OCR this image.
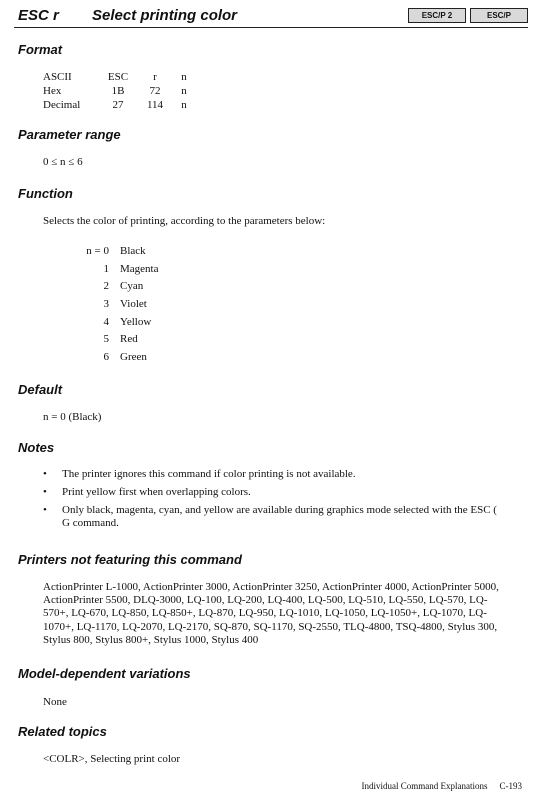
ESC r Select printing color	ESC/P 2	ESC/P
Format
ASCII	ESC	r	n
Hex	1B	72	n
Decimal	27	114	n
Parameter range
0 ≤ n ≤ 6
Function
Selects the color of printing, according to the parameters below:
n = 0 Black
1 Magenta
2 Cyan
3 Violet
4 Yellow
5 Red
6 Green
Default
n = 0 (Black)
Notes
• The printer ignores this command if color printing is not available.
• Print yellow first when overlapping colors.
• Only black, magenta, cyan, and yellow are available during graphics mode selected with the ESC ( G command.
Printers not featuring this command
ActionPrinter L-1000, ActionPrinter 3000, ActionPrinter 3250, ActionPrinter 4000, ActionPrinter 5000, ActionPrinter 5500, DLQ-3000, LQ-100, LQ-200, LQ-400, LQ-500, LQ-510, LQ-550, LQ-570, LQ-570+, LQ-670, LQ-850, LQ-850+, LQ-870, LQ-950, LQ-1010, LQ-1050, LQ-1050+, LQ-1070, LQ-1070+, LQ-1170, LQ-2070, LQ-2170, SQ-870, SQ-1170, SQ-2550, TLQ-4800, TSQ-4800, Stylus 300, Stylus 800, Stylus 800+, Stylus 1000, Stylus 400
Model-dependent variations
None
Related topics
<COLR>, Selecting print color
Individual Command Explanations C-193
